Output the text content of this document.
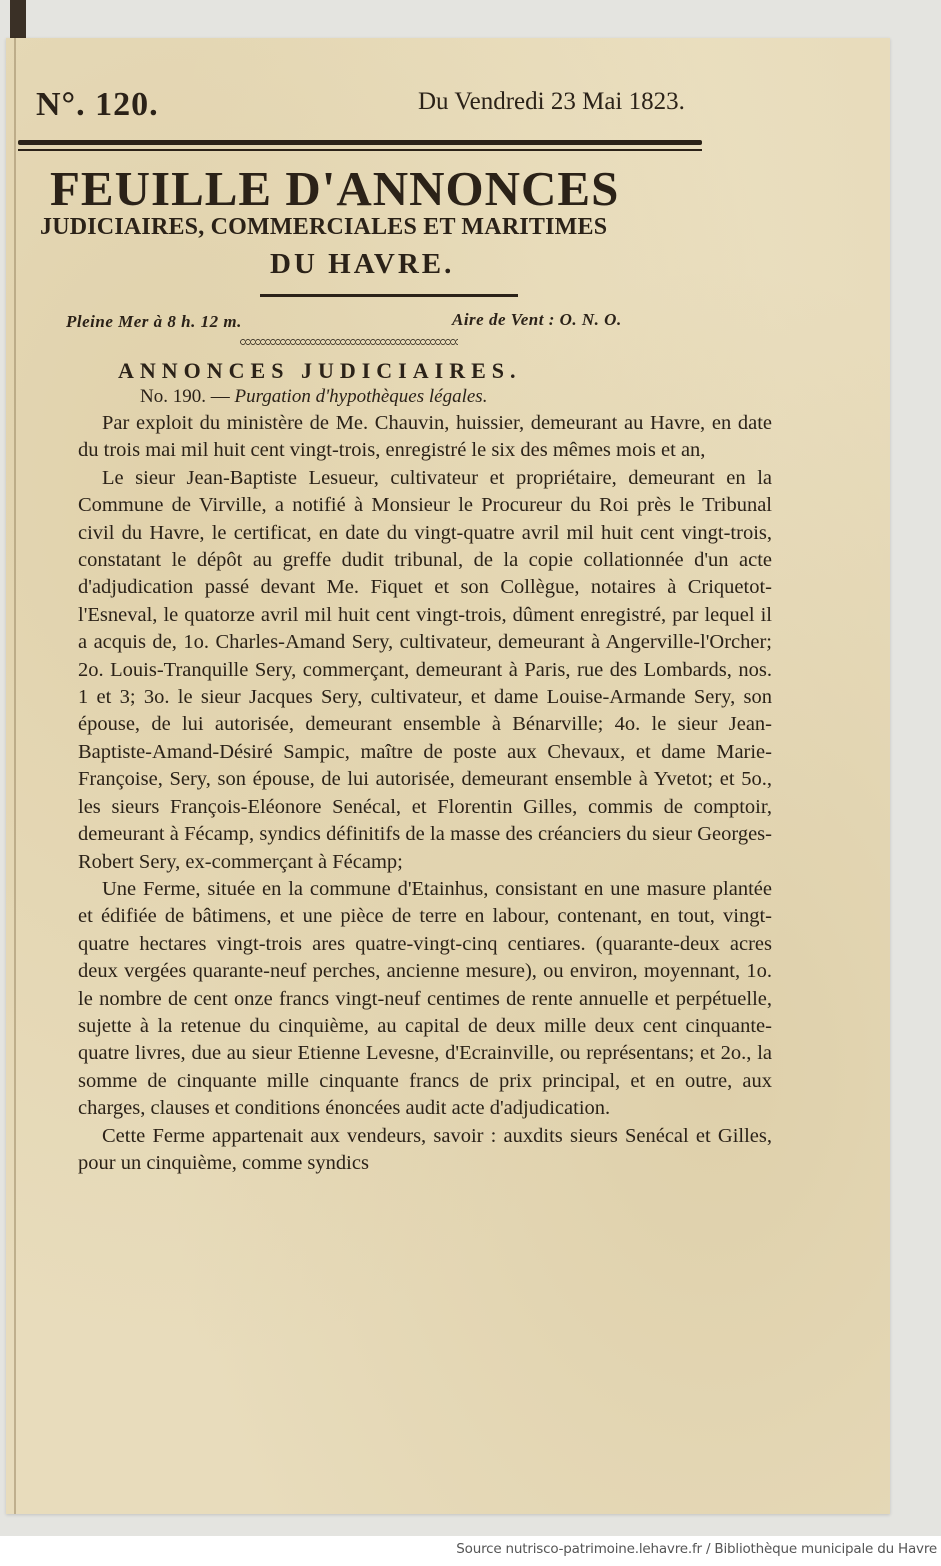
N°. 120.	Du Vendredi 23 Mai 1823.
FEUILLE D'ANNONCES
JUDICIAIRES, COMMERCIALES ET MARITIMES
DU HAVRE.
Pleine Mer à 8 h. 12 m.	Aire de Vent : O. N. O.
ANNONCES JUDICIAIRES.
No. 190. — Purgation d'hypothèques légales.

Par exploit du ministère de Me. Chauvin, huissier, demeurant au Havre, en date du trois mai mil huit cent vingt-trois, enregistré le six des mêmes mois et an,

Le sieur Jean-Baptiste Lesueur, cultivateur et propriétaire, demeurant en la Commune de Virville, a notifié à Monsieur le Procureur du Roi près le Tribunal civil du Havre, le certificat, en date du vingt-quatre avril mil huit cent vingt-trois, constatant le dépôt au greffe dudit tribunal, de la copie collationnée d'un acte d'adjudication passé devant Me. Fiquet et son Collègue, notaires à Criquetot-l'Esneval, le quatorze avril mil huit cent vingt-trois, dûment enregistré, par lequel il a acquis de, 1o. Charles-Amand Sery, cultivateur, demeurant à Angerville-l'Orcher; 2o. Louis-Tranquille Sery, commerçant, demeurant à Paris, rue des Lombards, nos. 1 et 3; 3o. le sieur Jacques Sery, cultivateur, et dame Louise-Armande Sery, son épouse, de lui autorisée, demeurant ensemble à Bénarville; 4o. le sieur Jean-Baptiste-Amand-Désiré Sampic, maître de poste aux Chevaux, et dame Marie-Françoise, Sery, son épouse, de lui autorisée, demeurant ensemble à Yvetot; et 5o., les sieurs François-Eléonore Senécal, et Florentin Gilles, commis de comptoir, demeurant à Fécamp, syndics définitifs de la masse des créanciers du sieur Georges-Robert Sery, ex-commerçant à Fécamp;

Une Ferme, située en la commune d'Etainhus, consistant en une masure plantée et édifiée de bâtimens, et une pièce de terre en labour, contenant, en tout, vingt-quatre hectares vingt-trois ares quatre-vingt-cinq centiares. (quarante-deux acres deux vergées quarante-neuf perches, ancienne mesure), ou environ, moyennant, 1o. le nombre de cent onze francs vingt-neuf centimes de rente annuelle et perpétuelle, sujette à la retenue du cinquième, au capital de deux mille deux cent cinquante-quatre livres, due au sieur Etienne Levesne, d'Ecrainville, ou représentans; et 2o., la somme de cinquante mille cinquante francs de prix principal, et en outre, aux charges, clauses et conditions énoncées audit acte d'adjudication.

Cette Ferme appartenait aux vendeurs, savoir : auxdits sieurs Senécal et Gilles, pour un cinquième, comme syndics

Source nutrisco-patrimoine.lehavre.fr / Bibliothèque municipale du Havre
